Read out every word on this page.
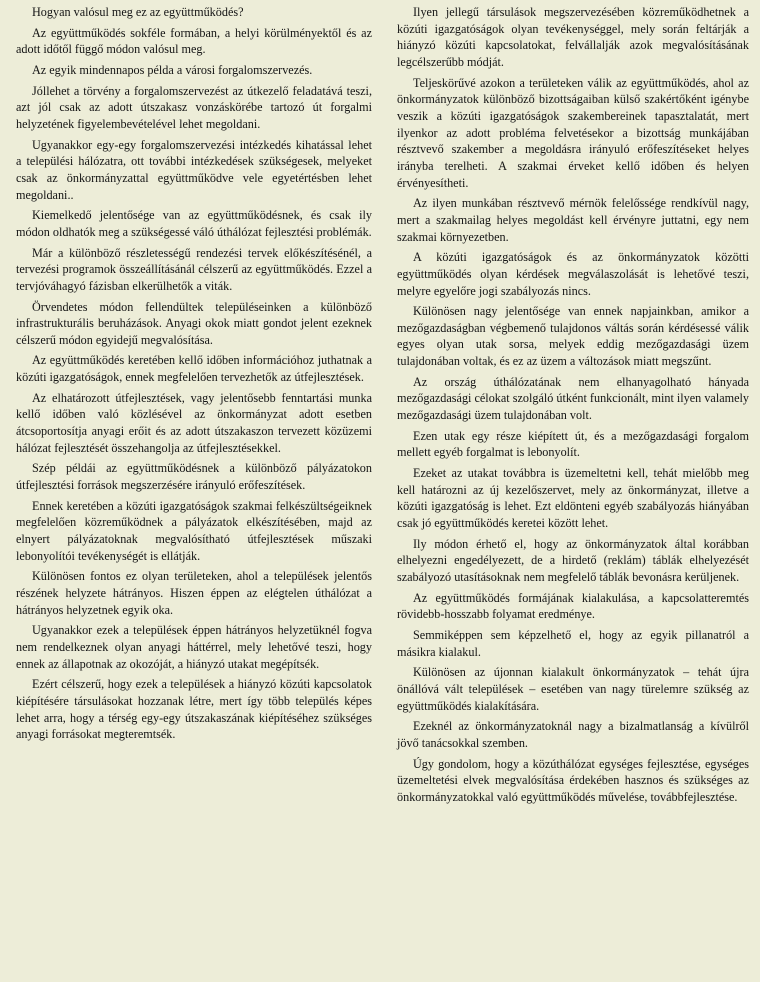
Hogyan valósul meg ez az együttműködés?

Az együttműködés sokféle formában, a helyi körülményektől és az adott időtől függő módon valósul meg.

Az egyik mindennapos példa a városi forgalomszervezés.

Jóllehet a törvény a forgalomszervezést az útkezelő feladatává teszi, azt jól csak az adott útszakasz vonzáskörébe tartozó út forgalmi helyzetének figyelembevételével lehet megoldani.

Ugyanakkor egy-egy forgalomszervezési intézkedés kihatással lehet a települési hálózatra, ott további intézkedések szükségesek, melyeket csak az önkormányzattal együttműködve vele egyetértésben lehet megoldani..

Kiemelkedő jelentősége van az együttműködésnek, és csak ily módon oldhatók meg a szükségessé váló úthálózat fejlesztési problémák.

Már a különböző részletességű rendezési tervek előkészítésénél, a tervezési programok összeállításánál célszerű az együttműködés. Ezzel a tervjóváhagyó fázisban elkerülhetők a viták.

Örvendetes módon fellendültek településeinken a különböző infrastrukturális beruházások. Anyagi okok miatt gondot jelent ezeknek célszerű módon egyidejű megvalósítása.

Az együttműködés keretében kellő időben információhoz juthatnak a közúti igazgatóságok, ennek megfelelően tervezhetők az útfejlesztések.

Az elhatározott útfejlesztések, vagy jelentősebb fenntartási munka kellő időben való közlésével az önkormányzat adott esetben átcsoportosítja anyagi erőit és az adott útszakaszon tervezett közüzemi hálózat fejlesztését összehangolja az útfejlesztésekkel.

Szép példái az együttműködésnek a különböző pályázatokon útfejlesztési források megszerzésére irányuló erőfeszítések.

Ennek keretében a közúti igazgatóságok szakmai felkészültségeiknek megfelelően közreműködnek a pályázatok elkészítésében, majd az elnyert pályázatoknak megvalósítható útfejlesztések műszaki lebonyolítói tevékenységét is ellátják.

Különösen fontos ez olyan területeken, ahol a települések jelentős részének helyzete hátrányos. Hiszen éppen az elégtelen úthálózat a hátrányos helyzetnek egyik oka.

Ugyanakkor ezek a települések éppen hátrányos helyzetüknél fogva nem rendelkeznek olyan anyagi háttérrel, mely lehetővé teszi, hogy ennek az állapotnak az okozóját, a hiányzó utakat megépítsék.

Ezért célszerű, hogy ezek a települések a hiányzó közúti kapcsolatok kiépítésére társulásokat hozzanak létre, mert így több település képes lehet arra, hogy a térség egy-egy útszakaszának kiépítéséhez szükséges anyagi forrásokat megteremtsék.

Ilyen jellegű társulások megszervezésében közreműködhetnek a közúti igazgatóságok olyan tevékenységgel, mely során feltárják a hiányzó közúti kapcsolatokat, felvállalják azok megvalósításának legcélszerűbb módját.

Teljeskörűvé azokon a területeken válik az együttműködés, ahol az önkormányzatok különböző bizottságaiban külső szakértőként igénybe veszik a közúti igazgatóságok szakembereinek tapasztalatát, mert ilyenkor az adott probléma felvetésekor a bizottság munkájában résztvevő szakember a megoldásra irányuló erőfeszítéseket helyes irányba terelheti. A szakmai érveket kellő időben és helyen érvényesítheti.

Az ilyen munkában résztvevő mérnök felelőssége rendkívül nagy, mert a szakmailag helyes megoldást kell érvényre juttatni, egy nem szakmai környezetben.

A közúti igazgatóságok és az önkormányzatok közötti együttműködés olyan kérdések megválaszolását is lehetővé teszi, melyre egyelőre jogi szabályozás nincs.

Különösen nagy jelentősége van ennek napjainkban, amikor a mezőgazdaságban végbemenő tulajdonos váltás során kérdésessé válik egyes olyan utak sorsa, melyek eddig mezőgazdasági üzem tulajdonában voltak, és ez az üzem a változások miatt megszűnt.

Az ország úthálózatának nem elhanyagolható hányada mezőgazdasági célokat szolgáló útként funkcionált, mint ilyen valamely mezőgazdasági üzem tulajdonában volt.

Ezen utak egy része kiépített út, és a mezőgazdasági forgalom mellett egyéb forgalmat is lebonyolít.

Ezeket az utakat továbbra is üzemeltetni kell, tehát mielőbb meg kell határozni az új kezelőszervet, mely az önkormányzat, illetve a közúti igazgatóság is lehet. Ezt eldönteni egyéb szabályozás hiányában csak jó együttműködés keretei között lehet.

Ily módon érhető el, hogy az önkormányzatok által korábban elhelyezni engedélyezett, de a hirdető (reklám) táblák elhelyezését szabályozó utasításoknak nem megfelelő táblák bevonásra kerüljenek.

Az együttműködés formájának kialakulása, a kapcsolatteremtés rövidebb-hosszabb folyamat eredménye.

Semmiképpen sem képzelhető el, hogy az egyik pillanatról a másikra kialakul.

Különösen az újonnan kialakult önkormányzatok – tehát újra önállóvá vált települések – esetében van nagy türelemre szükség az együttműködés kialakítására.

Ezeknél az önkormányzatoknál nagy a bizalmatlanság a kívülről jövő tanácsokkal szemben.

Úgy gondolom, hogy a közúthálózat egységes fejlesztése, egységes üzemeltetési elvek megvalósítása érdekében hasznos és szükséges az önkormányzatokkal való együttműködés művelése, továbbfejlesztése.
